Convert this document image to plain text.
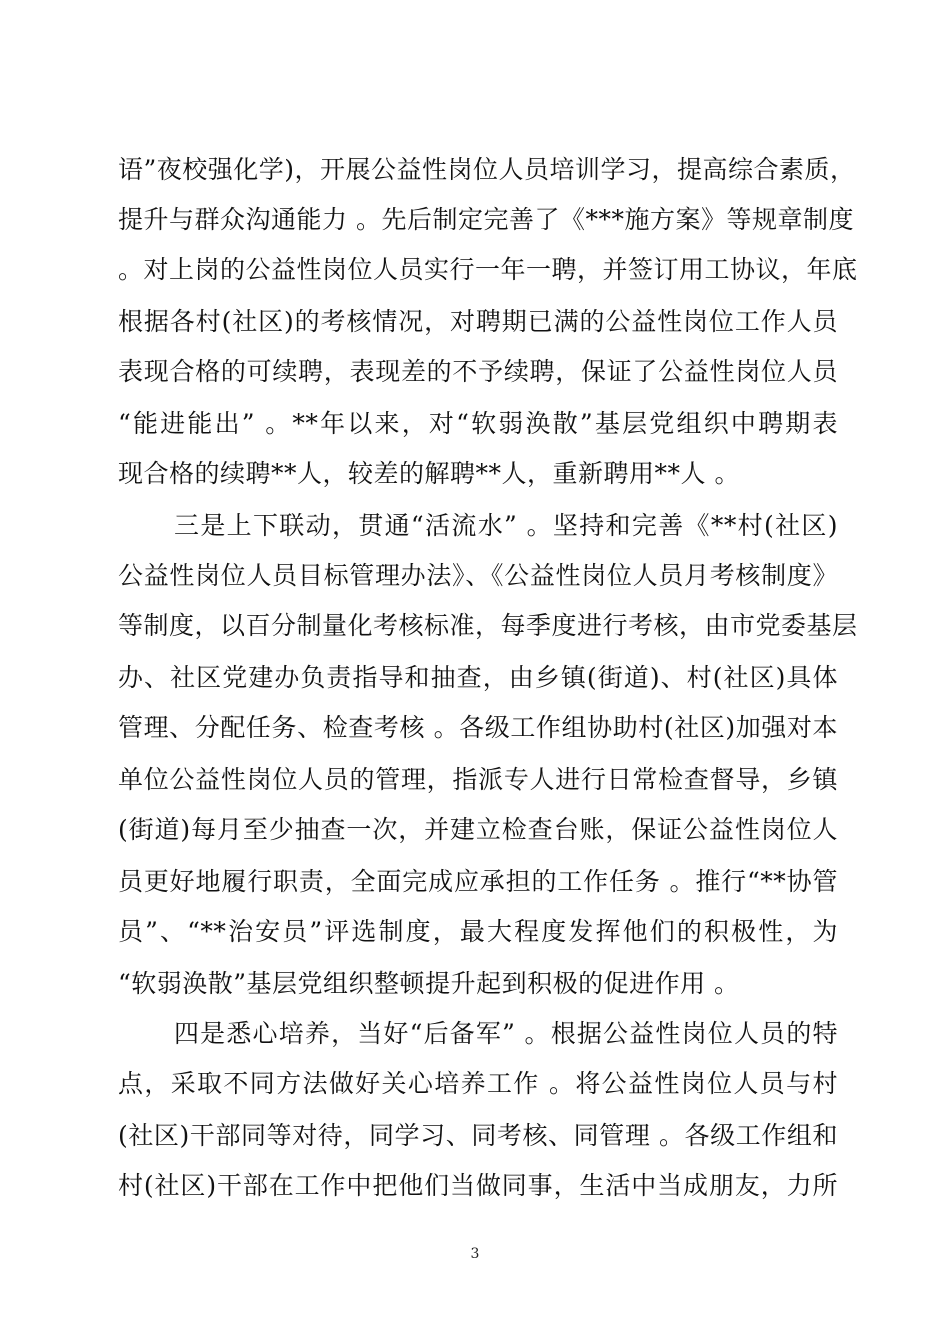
语”夜校强化学)，开展公益性岗位人员培训学习，提高综合素质，
提升与群众沟通能力 。先后制定完善了《***施方案》等规章制度
。对上岗的公益性岗位人员实行一年一聘，并签订用工协议，年底
根据各村(社区)的考核情况，对聘期已满的公益性岗位工作人员
表现合格的可续聘，表现差的不予续聘，保证了公益性岗位人员
“能进能出” 。**年以来，对“软弱涣散”基层党组织中聘期表
现合格的续聘**人，较差的解聘**人，重新聘用**人 。
三是上下联动，贯通“活流水” 。坚持和完善《**村(社区)
公益性岗位人员目标管理办法》、《公益性岗位人员月考核制度》
等制度，以百分制量化考核标准，每季度进行考核，由市党委基层
办、社区党建办负责指导和抽查，由乡镇(街道)、村(社区)具体
管理、分配任务、检查考核 。各级工作组协助村(社区)加强对本
单位公益性岗位人员的管理，指派专人进行日常检查督导，乡镇
(街道)每月至少抽查一次，并建立检查台账，保证公益性岗位人
员更好地履行职责，全面完成应承担的工作任务 。推行“**协管
员”、“**治安员”评选制度，最大程度发挥他们的积极性，为
“软弱涣散”基层党组织整顿提升起到积极的促进作用 。
四是悉心培养，当好“后备军” 。根据公益性岗位人员的特
点，采取不同方法做好关心培养工作 。将公益性岗位人员与村
(社区)干部同等对待，同学习、同考核、同管理 。各级工作组和
村(社区)干部在工作中把他们当做同事，生活中当成朋友，力所
3
